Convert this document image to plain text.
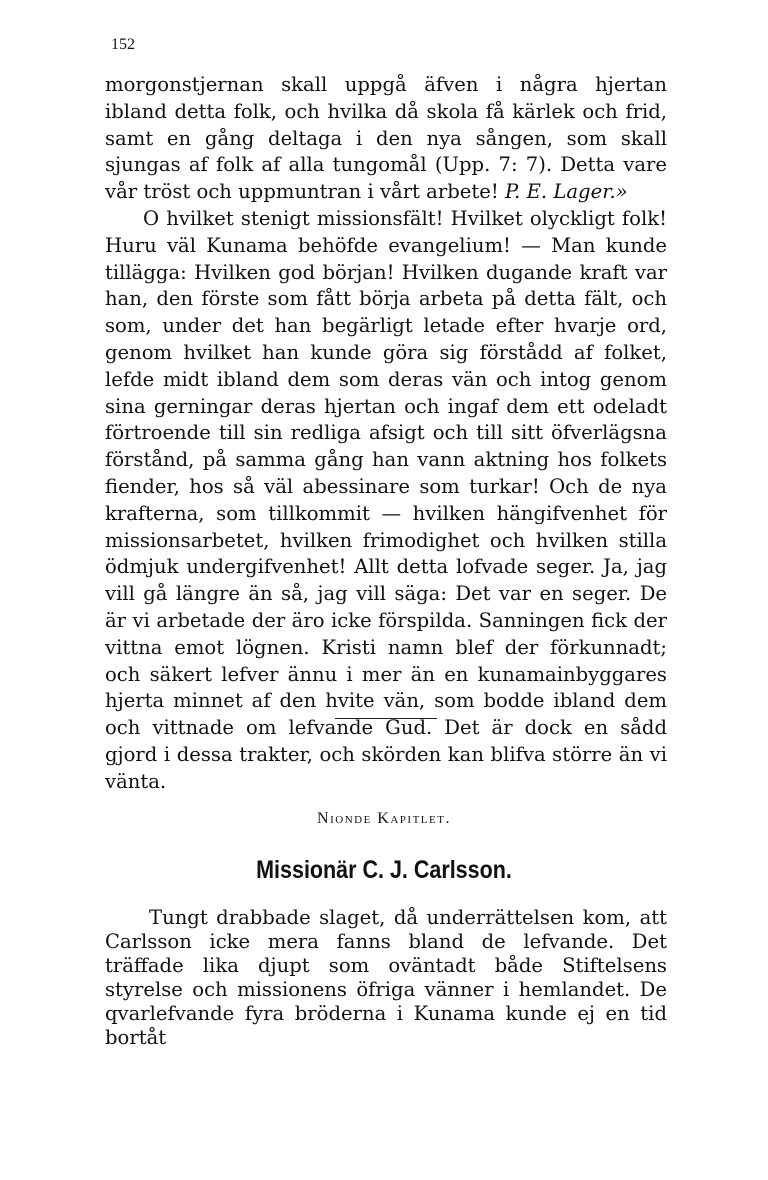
152

morgonstjernan skall uppgå äfven i några hjertan ibland detta folk, och hvilka då skola få kärlek och frid, samt en gång deltaga i den nya sången, som skall sjungas af folk af alla tungomål (Upp. 7: 7). Detta vare vår tröst och uppmuntran i vårt arbete! P. E. Lager.»

O hvilket stenigt missionsfält! Hvilket olyckligt folk! Huru väl Kunama behöfde evangelium! — Man kunde tillägga: Hvilken god början! Hvilken dugande kraft var han, den förste som fått börja arbeta på detta fält, och som, under det han begärligt letade efter hvarje ord, genom hvilket han kunde göra sig förstådd af folket, lefde midt ibland dem som deras vän och intog genom sina gerningar deras hjertan och ingaf dem ett odeladt förtroende till sin redliga afsigt och till sitt öfverlägsna förstånd, på samma gång han vann aktning hos folkets fiender, hos så väl abessinare som turkar! Och de nya krafterna, som tillkommit — hvilken hängifvenhet för missionsarbetet, hvilken frimodighet och hvilken stilla ödmjuk undergifvenhet! Allt detta lofvade seger. Ja, jag vill gå längre än så, jag vill säga: Det var en seger. De är vi arbetade der äro icke förspilda. Sanningen fick der vittna emot lögnen. Kristi namn blef der förkunnadt; och säkert lefver ännu i mer än en kunamainbyggares hjerta minnet af den hvite vän, som bodde ibland dem och vittnade om lefvande Gud. Det är dock en sådd gjord i dessa trakter, och skörden kan blifva större än vi vänta.

Nionde Kapitlet.
Missionär C. J. Carlsson.

Tungt drabbade slaget, då underrättelsen kom, att Carlsson icke mera fanns bland de lefvande. Det träffade lika djupt som oväntadt både Stiftelsens styrelse och missionens öfriga vänner i hemlandet. De qvarlefvande fyra bröderna i Kunama kunde ej en tid bortåt
